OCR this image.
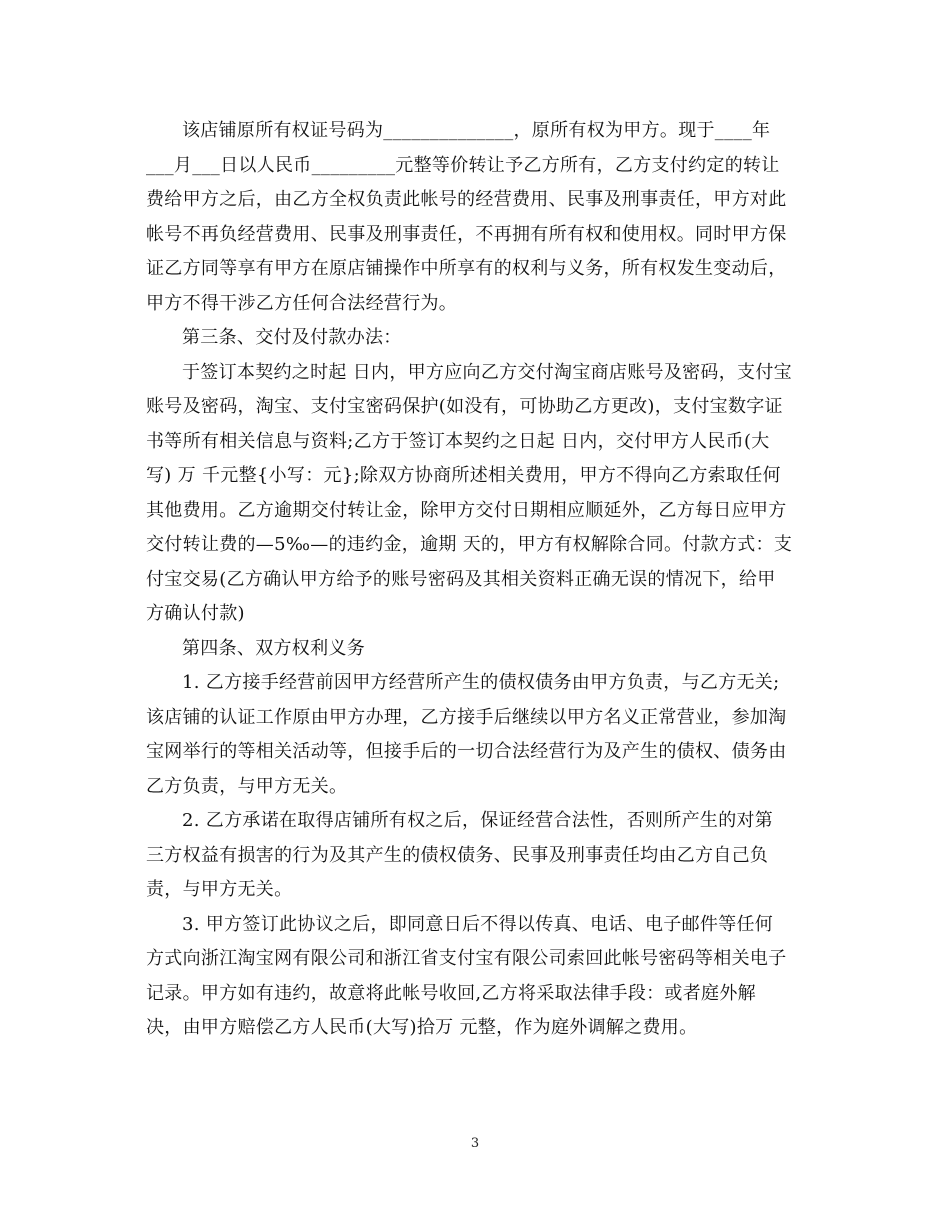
该店铺原所有权证号码为______________，原所有权为甲方。现于____年
___月___日以人民币_________元整等价转让予乙方所有，乙方支付约定的转让
费给甲方之后，由乙方全权负责此帐号的经营费用、民事及刑事责任，甲方对此
帐号不再负经营费用、民事及刑事责任，不再拥有所有权和使用权。同时甲方保
证乙方同等享有甲方在原店铺操作中所享有的权利与义务，所有权发生变动后，
甲方不得干涉乙方任何合法经营行为。

第三条、交付及付款办法：

于签订本契约之时起 日内，甲方应向乙方交付淘宝商店账号及密码，支付宝
账号及密码，淘宝、支付宝密码保护(如没有，可协助乙方更改)，支付宝数字证
书等所有相关信息与资料;乙方于签订本契约之日起 日内，交付甲方人民币(大
写) 万 千元整{小写：元};除双方协商所述相关费用，甲方不得向乙方索取任何
其他费用。乙方逾期交付转让金，除甲方交付日期相应顺延外，乙方每日应甲方
交付转让费的—5‰—的违约金，逾期 天的，甲方有权解除合同。付款方式：支
付宝交易(乙方确认甲方给予的账号密码及其相关资料正确无误的情况下，给甲
方确认付款)

第四条、双方权利义务

1. 乙方接手经营前因甲方经营所产生的债权债务由甲方负责，与乙方无关;
该店铺的认证工作原由甲方办理，乙方接手后继续以甲方名义正常营业，参加淘
宝网举行的等相关活动等，但接手后的一切合法经营行为及产生的债权、债务由
乙方负责，与甲方无关。

2. 乙方承诺在取得店铺所有权之后，保证经营合法性，否则所产生的对第
三方权益有损害的行为及其产生的债权债务、民事及刑事责任均由乙方自己负
责，与甲方无关。

3. 甲方签订此协议之后，即同意日后不得以传真、电话、电子邮件等任何
方式向浙江淘宝网有限公司和浙江省支付宝有限公司索回此帐号密码等相关电子
记录。甲方如有违约，故意将此帐号收回,乙方将采取法律手段：或者庭外解
决，由甲方赔偿乙方人民币(大写)拾万 元整，作为庭外调解之费用。

3
